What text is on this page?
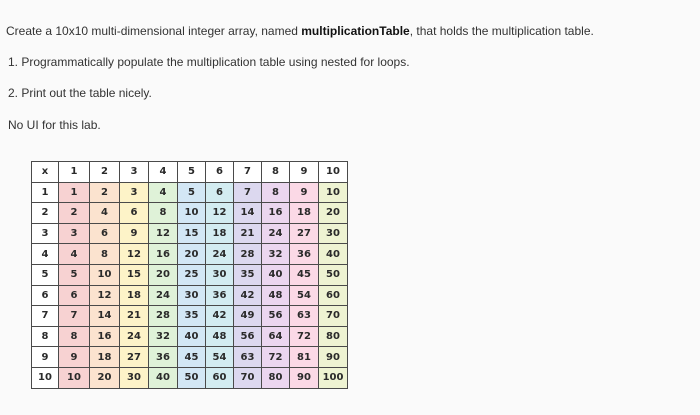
Create a 10x10 multi-dimensional integer array, named multiplicationTable, that holds the multiplication table.
1. Programmatically populate the multiplication table using nested for loops.
2. Print out the table nicely.
No UI for this lab.
x	1	2	3	4	5	6	7	8	9	10
1	1	2	3	4	5	6	7	8	9	10
2	2	4	6	8	10	12	14	16	18	20
3	3	6	9	12	15	18	21	24	27	30
4	4	8	12	16	20	24	28	32	36	40
5	5	10	15	20	25	30	35	40	45	50
6	6	12	18	24	30	36	42	48	54	60
7	7	14	21	28	35	42	49	56	63	70
8	8	16	24	32	40	48	56	64	72	80
9	9	18	27	36	45	54	63	72	81	90
10	10	20	30	40	50	60	70	80	90	100
